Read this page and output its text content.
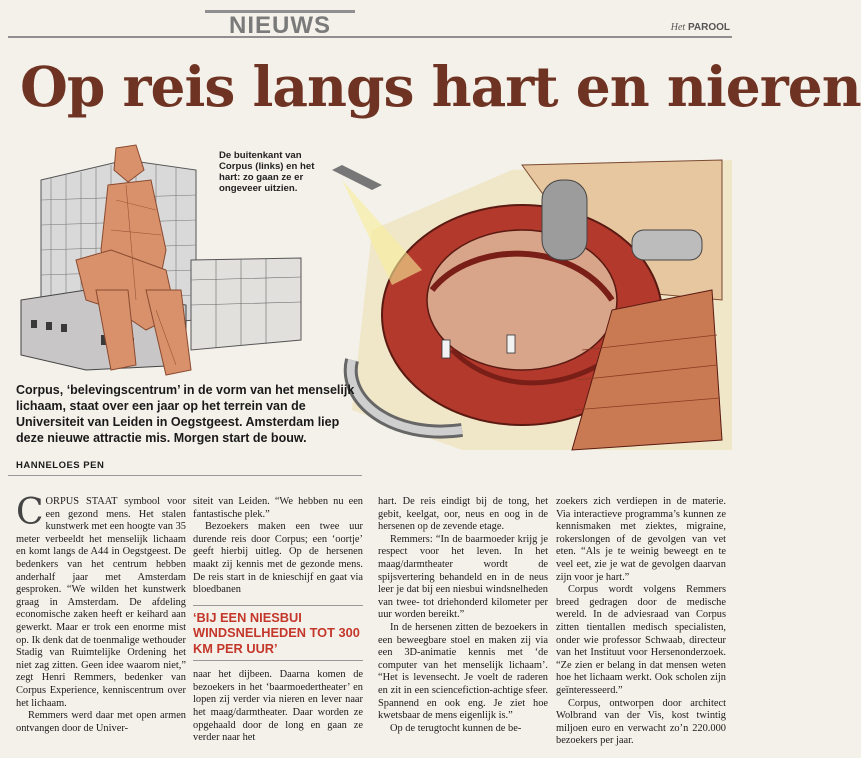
NIEUWS	Het PAROOL
Op reis langs hart en nieren
De buitenkant van Corpus (links) en het hart: zo gaan ze er ongeveer uitzien.
Corpus, ‘belevingscentrum’ in de vorm van het menselijk lichaam, staat over een jaar op het terrein van de Universiteit van Leiden in Oegstgeest. Amsterdam liep deze nieuwe attractie mis. Morgen start de bouw.
HANNELOES PEN

CORPUS STAAT symbool voor een gezond mens. Het stalen kunstwerk met een hoogte van 35 meter verbeeldt het menselijk lichaam en komt langs de A44 in Oegstgeest. De bedenkers van het centrum hebben anderhalf jaar met Amsterdam gesproken. “We wilden het kunstwerk graag in Amsterdam. De afdeling economische zaken heeft er keihard aan gewerkt. Maar er trok een enorme mist op. Ik denk dat de toenmalige wethouder Stadig van Ruimtelijke Ordening het niet zag zitten. Geen idee waarom niet,” zegt Henri Remmers, bedenker van Corpus Experience, kenniscentrum over het lichaam.

Remmers werd daar met open armen ontvangen door de Univer-

siteit van Leiden. “We hebben nu een fantastische plek.”

Bezoekers maken een twee uur durende reis door Corpus; een ‘oortje’ geeft hierbij uitleg. Op de hersenen maakt zij kennis met de gezonde mens. De reis start in de knieschijf en gaat via bloedbanen

‘BIJ EEN NIESBUI WINDSNELHEDEN TOT 300 KM PER UUR’

naar het dijbeen. Daarna komen de bezoekers in het ‘baarmoedertheater’ en lopen zij verder via nieren en lever naar het maag/darmtheater. Daar worden ze opgehaald door de long en gaan ze verder naar het

hart. De reis eindigt bij de tong, het gebit, keelgat, oor, neus en oog in de hersenen op de zevende etage.

Remmers: “In de baarmoeder krijg je respect voor het leven. In het maag/darmtheater wordt de spijsvertering behandeld en in de neus leer je dat bij een niesbui windsnelheden van twee- tot driehonderd kilometer per uur worden bereikt.”

In de hersenen zitten de bezoekers in een beweegbare stoel en maken zij via een 3D-animatie kennis met ‘de computer van het menselijk lichaam’. “Het is levensecht. Je voelt de raderen en zit in een sciencefiction-achtige sfeer. Spannend en ook eng. Je ziet hoe kwetsbaar de mens eigenlijk is.”

Op de terugtocht kunnen de be-

zoekers zich verdiepen in de materie. Via interactieve programma’s kunnen ze kennismaken met ziektes, migraine, rokerslongen of de gevolgen van vet eten. “Als je te weinig beweegt en te veel eet, zie je wat de gevolgen daarvan zijn voor je hart.”

Corpus wordt volgens Remmers breed gedragen door de medische wereld. In de adviesraad van Corpus zitten tientallen medisch specialisten, onder wie professor Schwaab, directeur van het Instituut voor Hersenonderzoek. “Ze zien er belang in dat mensen weten hoe het lichaam werkt. Ook scholen zijn geïnteresseerd.”

Corpus, ontworpen door architect Wolbrand van der Vis, kost twintig miljoen euro en verwacht zo’n 220.000 bezoekers per jaar.
